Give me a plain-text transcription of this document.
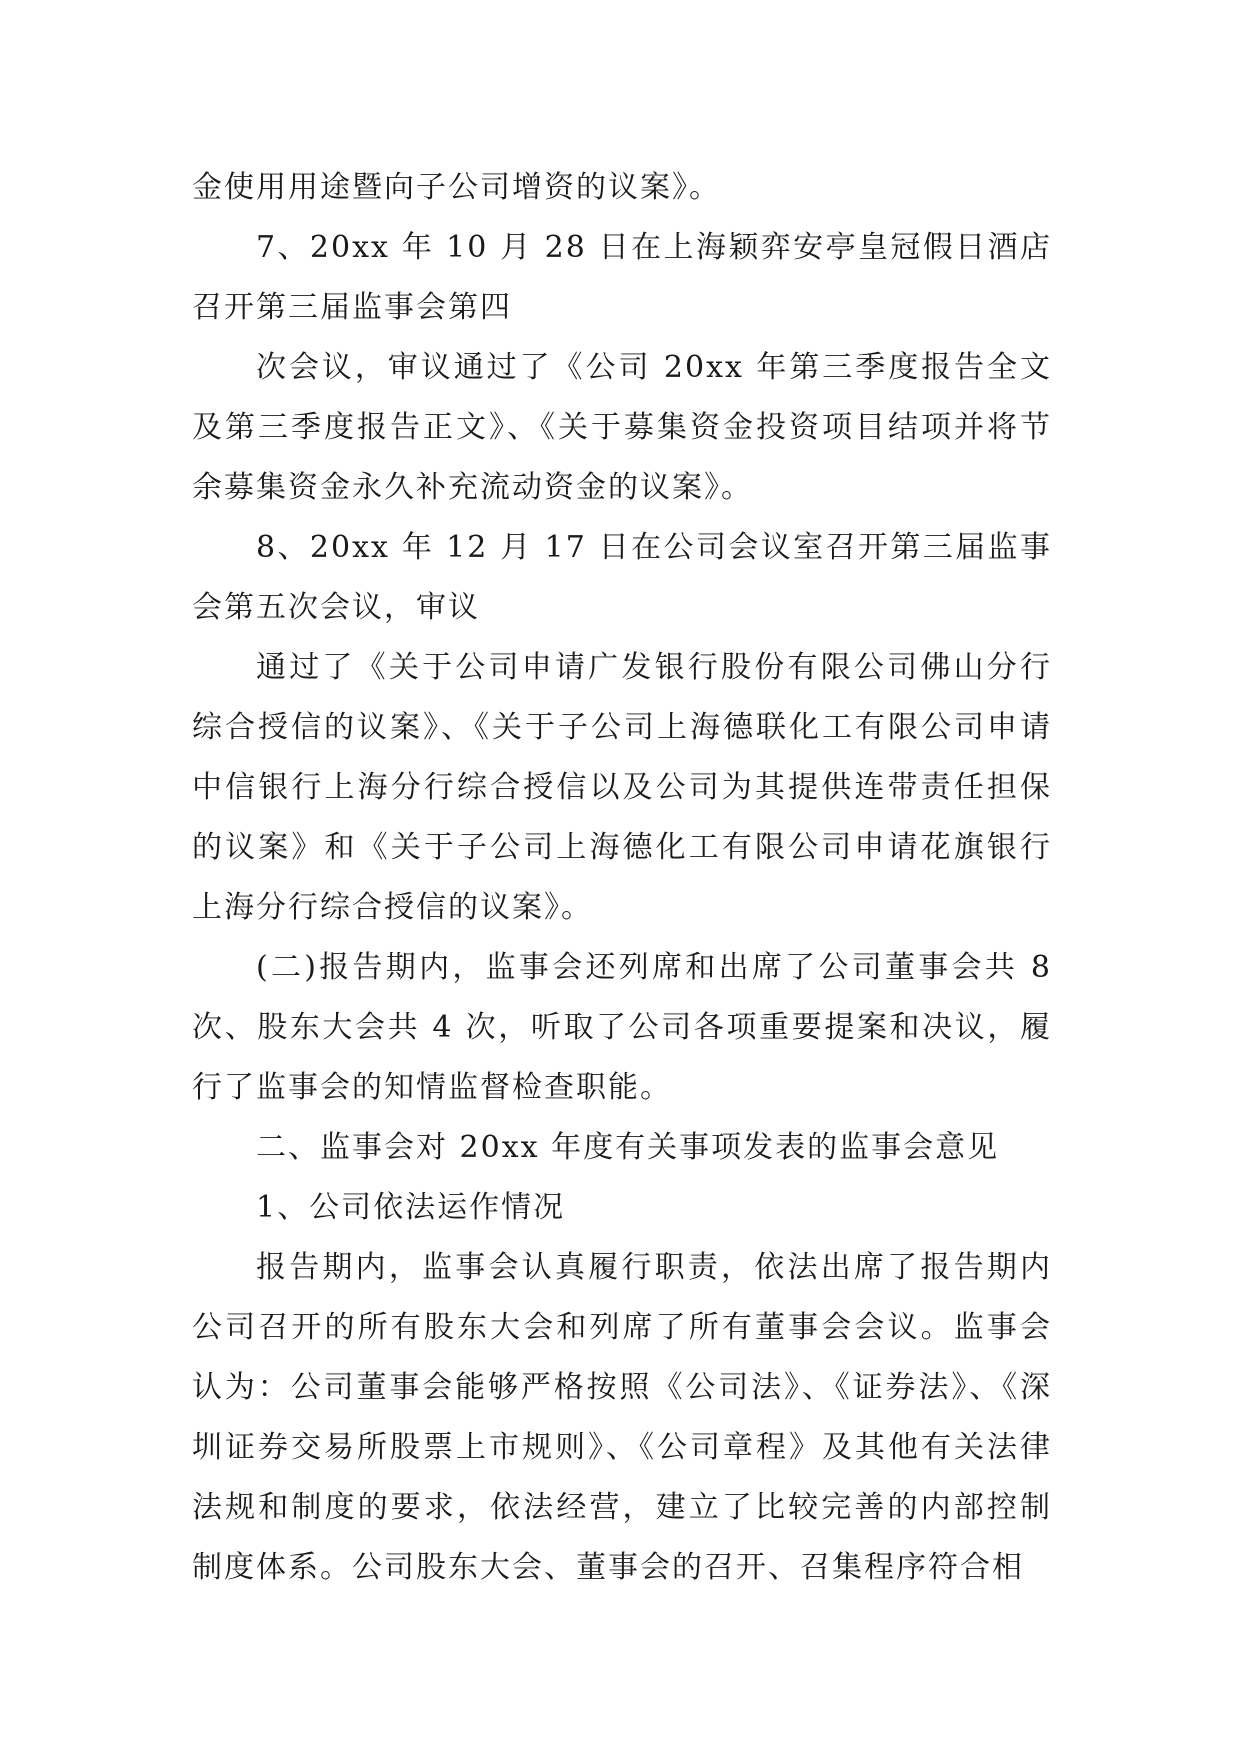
金使用用途暨向子公司增资的议案》。

7、20xx 年 10 月 28 日在上海颖弈安亭皇冠假日酒店召开第三届监事会第四

次会议，审议通过了《公司 20xx 年第三季度报告全文及第三季度报告正文》、《关于募集资金投资项目结项并将节余募集资金永久补充流动资金的议案》。

8、20xx 年 12 月 17 日在公司会议室召开第三届监事会第五次会议，审议

通过了《关于公司申请广发银行股份有限公司佛山分行综合授信的议案》、《关于子公司上海德联化工有限公司申请中信银行上海分行综合授信以及公司为其提供连带责任担保的议案》和《关于子公司上海德化工有限公司申请花旗银行上海分行综合授信的议案》。

(二)报告期内，监事会还列席和出席了公司董事会共 8 次、股东大会共 4 次，听取了公司各项重要提案和决议，履行了监事会的知情监督检查职能。

二、监事会对 20xx 年度有关事项发表的监事会意见

1、公司依法运作情况

报告期内，监事会认真履行职责，依法出席了报告期内公司召开的所有股东大会和列席了所有董事会会议。监事会认为：公司董事会能够严格按照《公司法》、《证券法》、《深圳证券交易所股票上市规则》、《公司章程》及其他有关法律法规和制度的要求，依法经营，建立了比较完善的内部控制制度体系。公司股东大会、董事会的召开、召集程序符合相
